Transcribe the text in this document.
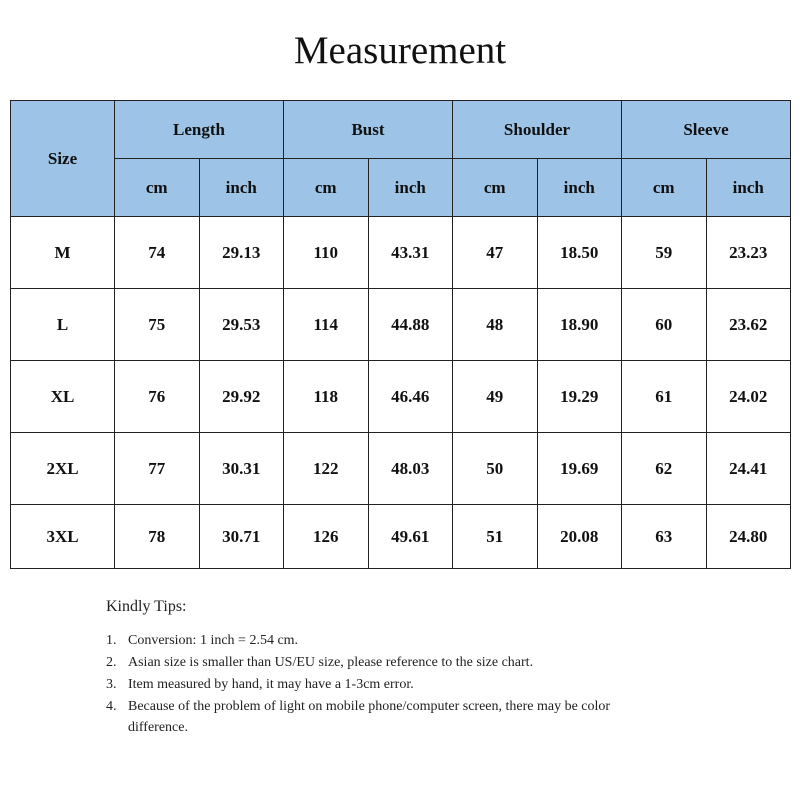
Measurement
Size	Length		Bust		Shoulder		Sleeve	
	cm	inch	cm	inch	cm	inch	cm	inch
M	74	29.13	110	43.31	47	18.50	59	23.23
L	75	29.53	114	44.88	48	18.90	60	23.62
XL	76	29.92	118	46.46	49	19.29	61	24.02
2XL	77	30.31	122	48.03	50	19.69	62	24.41
3XL	78	30.71	126	49.61	51	20.08	63	24.80
Kindly Tips:
1. Conversion: 1 inch = 2.54 cm.
2. Asian size is smaller than US/EU size, please reference to the size chart.
3. Item measured by hand, it may have a 1-3cm error.
4. Because of the problem of light on mobile phone/computer screen, there may be color difference.
